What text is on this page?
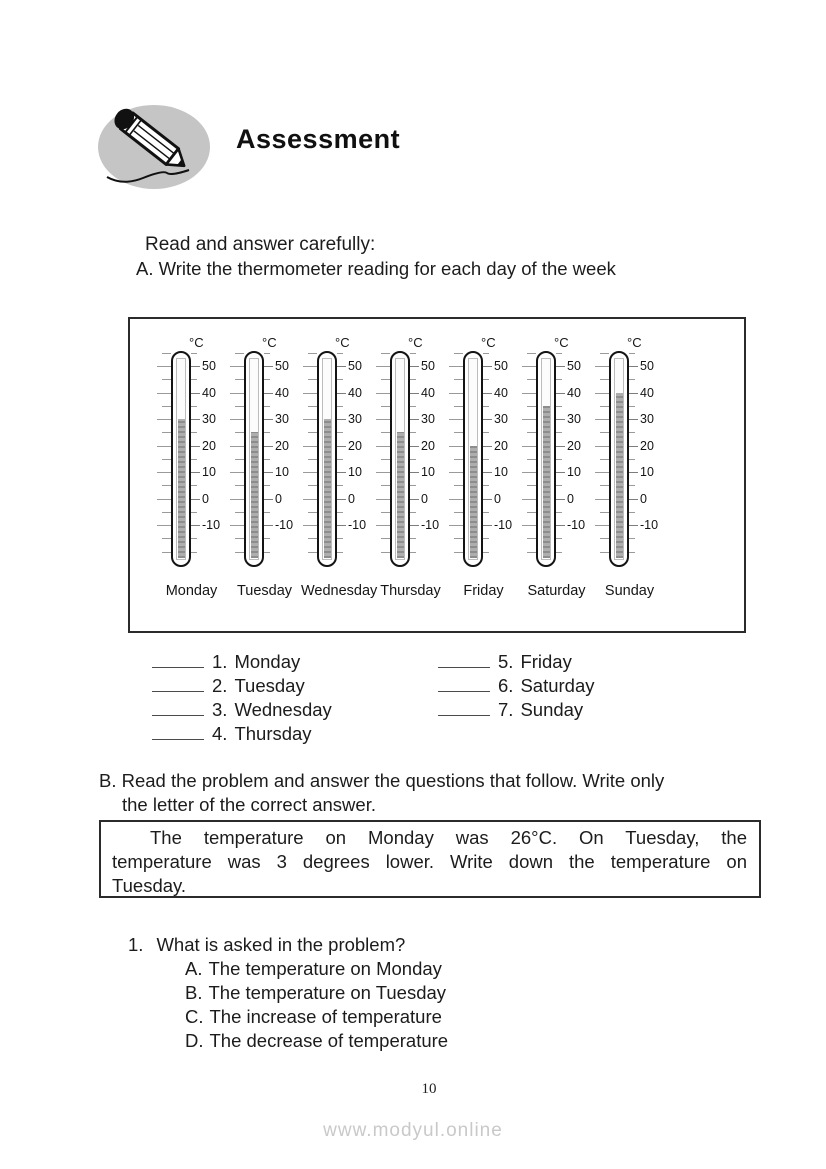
Assessment
Read and answer carefully:
A. Write the thermometer reading for each day of the week
°C
50
40
30
20
10
0
-10
°C
50
40
30
20
10
0
-10
°C
50
40
30
20
10
0
-10
°C
50
40
30
20
10
0
-10
°C
50
40
30
20
10
0
-10
°C
50
40
30
20
10
0
-10
°C
50
40
30
20
10
0
-10
Monday	Tuesday Wednesday Thursday	Friday	Saturday	Sunday
1. Monday
2. Tuesday
3. Wednesday
4. Thursday
5. Friday
6. Saturday
7. Sunday
B. Read the problem and answer the questions that follow. Write only
the letter of the correct answer.
The temperature on Monday was 26°C. On Tuesday, the
temperature was 3 degrees lower. Write down the temperature on
Tuesday.
1. What is asked in the problem?
A. The temperature on Monday
B. The temperature on Tuesday
C. The increase of temperature
D. The decrease of temperature
10
www.modyul.online
